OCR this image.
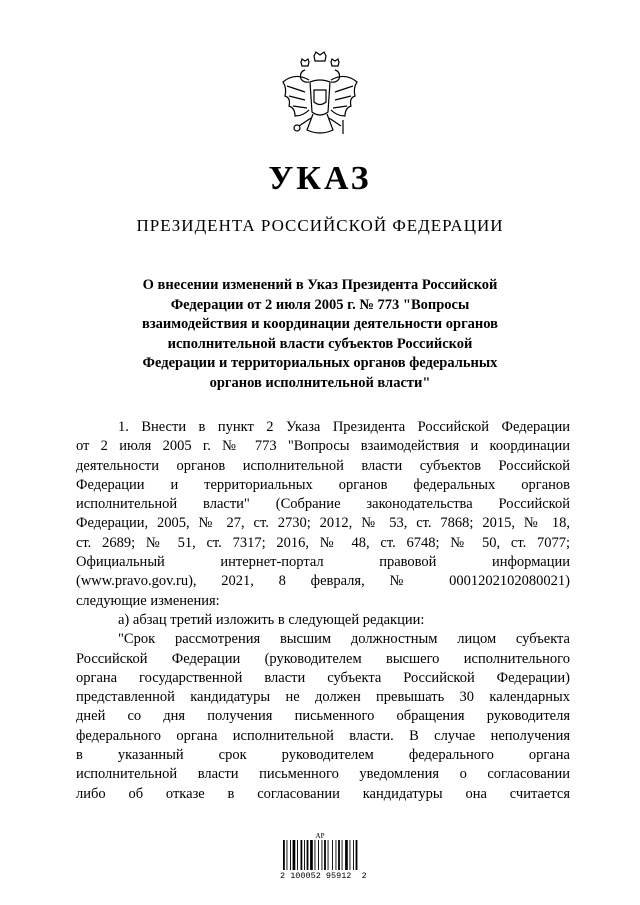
УКАЗ
ПРЕЗИДЕНТА РОССИЙСКОЙ ФЕДЕРАЦИИ
О внесении изменений в Указ Президента Российской
Федерации от 2 июля 2005 г. № 773 "Вопросы
взаимодействия и координации деятельности органов
исполнительной власти субъектов Российской
Федерации и территориальных органов федеральных
органов исполнительной власти"

1. Внести в пункт 2 Указа Президента Российской Федерации

от 2 июля 2005 г. № 773 "Вопросы взаимодействия и координации

деятельности органов исполнительной власти субъектов Российской

Федерации и территориальных органов федеральных органов

исполнительной власти" (Собрание законодательства Российской

Федерации, 2005, № 27, ст. 2730; 2012, № 53, ст. 7868; 2015, № 18,

ст. 2689; № 51, ст. 7317; 2016, № 48, ст. 6748; № 50, ст. 7077;

Официальный интернет-портал правовой информации

(www.pravo.gov.ru), 2021, 8 февраля, № 0001202102080021)

следующие изменения:

а) абзац третий изложить в следующей редакции:

"Срок рассмотрения высшим должностным лицом субъекта

Российской Федерации (руководителем высшего исполнительного

органа государственной власти субъекта Российской Федерации)

представленной кандидатуры не должен превышать 30 календарных

дней со дня получения письменного обращения руководителя

федерального органа исполнительной власти. В случае неполучения

в указанный срок руководителем федерального органа

исполнительной власти письменного уведомления о согласовании

либо об отказе в согласовании кандидатуры она считается

АР
2 100052 95912  2
